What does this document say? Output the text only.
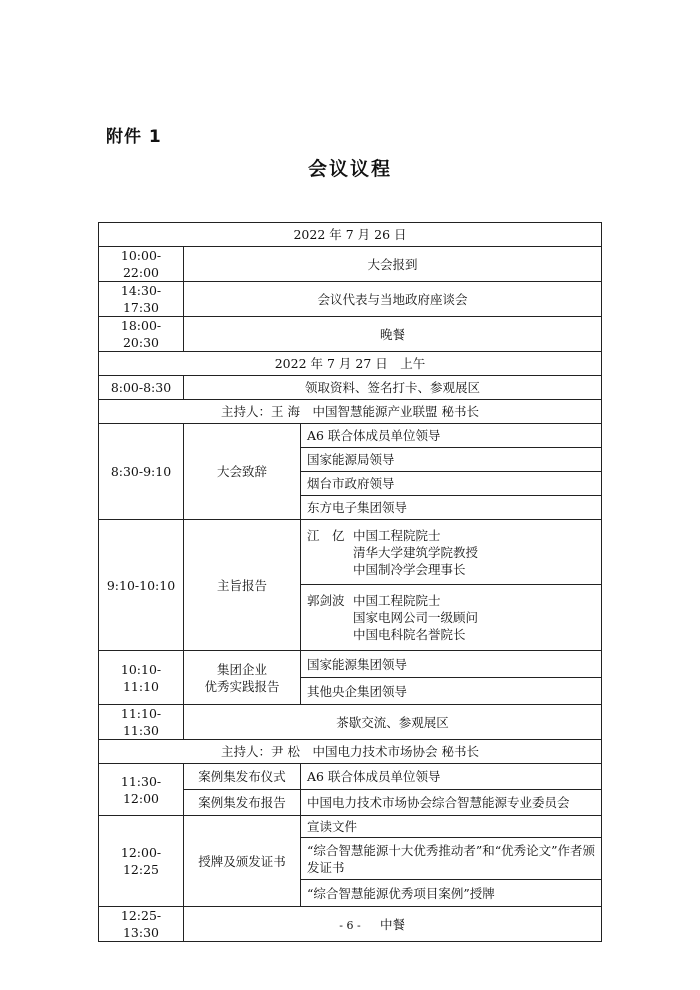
附件 1
会议议程
2022 年 7 月 26 日		
10:00-22:00	大会报到	
14:30-17:30	会议代表与当地政府座谈会	
18:00-20:30	晚餐	
2022 年 7 月 27 日　上午		
8:00-8:30	领取资料、签名打卡、参观展区	
主持人：王 海　中国智慧能源产业联盟 秘书长		
8:30-9:10	大会致辞	A6 联合体成员单位领导
		国家能源局领导
		烟台市政府领导
		东方电子集团领导
9:10-10:10	主旨报告	江　亿 中国工程院院士
清华大学建筑学院教授
中国制冷学会理事长

		郭剑波 中国工程院院士
国家电网公司一级顾问
中国电科院名誉院长

10:10-11:10	集团企业
优秀实践报告	国家能源集团领导
		其他央企集团领导
11:10-11:30	茶歇交流、参观展区	
主持人：尹 松　中国电力技术市场协会 秘书长		
11:30-12:00	案例集发布仪式	A6 联合体成员单位领导
	案例集发布报告	中国电力技术市场协会综合智慧能源专业委员会
12:00-12:25	授牌及颁发证书	宣读文件
		“综合智慧能源十大优秀推动者”和“优秀论文”作者颁发证书
		“综合智慧能源优秀项目案例”授牌
12:25-13:30	中餐	
- 6 -
